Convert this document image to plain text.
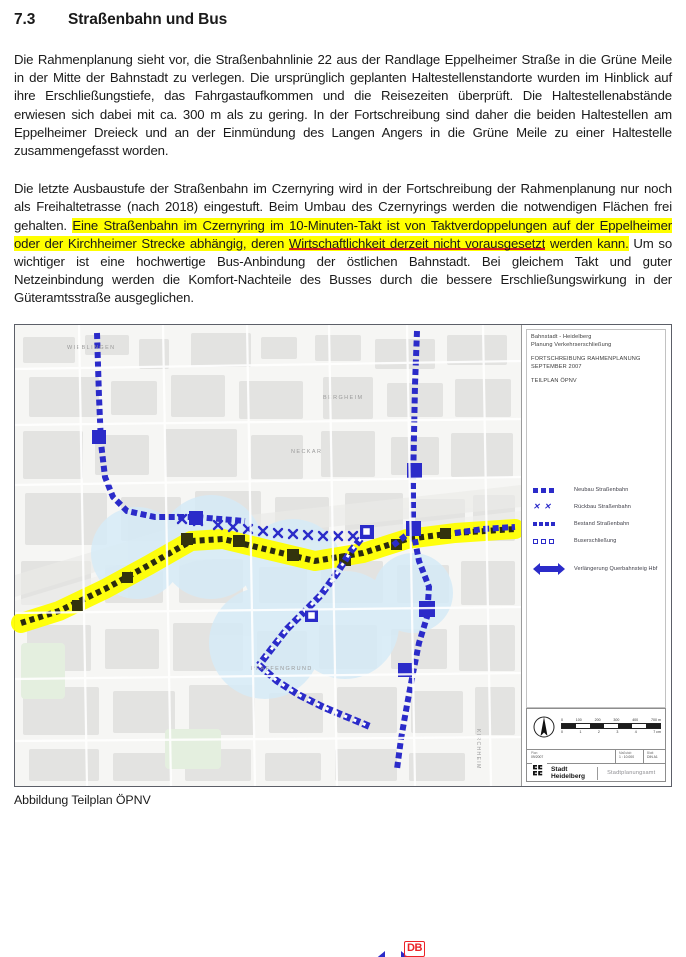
7.3	Straßenbahn und Bus

Die Rahmenplanung sieht vor, die Straßenbahnlinie 22 aus der Randlage Eppelheimer Straße in die Grüne Meile in der Mitte der Bahnstadt zu verlegen. Die ursprünglich geplanten Haltestellenstandorte wurden im Hinblick auf ihre Erschließungstiefe, das Fahrgastaufkommen und die Reisezeiten überprüft. Die Haltestellenabstände erwiesen sich dabei mit ca. 300 m als zu gering. In der Fortschreibung sind daher die beiden Haltestellen am Eppelheimer Dreieck und an der Einmündung des Langen Angers in die Grüne Meile zu einer Haltestelle zusammengefasst worden.

Die letzte Ausbaustufe der Straßenbahn im Czernyring wird in der Fortschreibung der Rahmenplanung nur noch als Freihaltetrasse (nach 2018) eingestuft. Beim Umbau des Czernyrings werden die notwendigen Flächen frei gehalten. Eine Straßenbahn im Czernyring im 10-Minuten-Takt ist von Taktverdoppelungen auf der Eppelheimer oder der Kirchheimer Strecke abhängig, deren Wirtschaftlichkeit derzeit nicht vorausgesetzt werden kann. Um so wichtiger ist eine hochwertige Bus-Anbindung der östlichen Bahnstadt. Bei gleichem Takt und guter Netzeinbindung werden die Komfort-Nachteile des Busses durch die bessere Erschließungswirkung in der Güteramtsstraße ausgeglichen.

WIEBLINGEN
BERGHEIM
NECKAR
PFAFFENGRUND
KIRCHHEIM
DB
Bahnstadt - Heidelberg
Planung Verkehrserschließung
FORTSCHREIBUNG RAHMENPLANUNG
SEPTEMBER 2007
TEILPLAN ÖPNV
Neubau Straßenbahn
✕ ✕	Rückbau Straßenbahn
Bestand Straßenbahn
Buserschließung
Verlängerung Querbahnsteig Hbf
0	100	200	300	400	700 m
0	1	2	3	4	7 cm
Plan
09/2007
Maßstab
1 : 10.000
Blatt
DIN A1
Stadt
Heidelberg	Stadtplanungsamt
Abbildung Teilplan ÖPNV
